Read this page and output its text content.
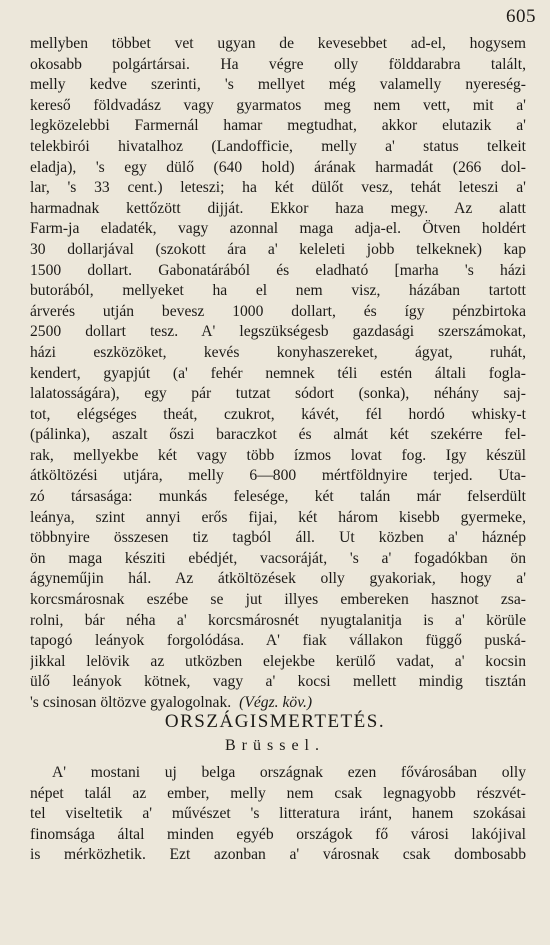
605
mellyben többet vet ugyan de kevesebbet ad-el, hogysem
okosabb polgártársai. Ha végre olly földdarabra talált,
melly kedve szerinti, 's mellyet még valamelly nyereség-
kereső földvadász vagy gyarmatos meg nem vett, mit a'
legközelebbi Farmernál hamar megtudhat, akkor elutazik a'
telekbirói hivatalhoz (Landofficie, melly a' status telkeit
eladja), 's egy dülő (640 hold) árának harmadát (266 dol-
lar, 's 33 cent.) leteszi; ha két dülőt vesz, tehát leteszi a'
harmadnak kettőzött dijját. Ekkor haza megy. Az alatt
Farm-ja eladaték, vagy azonnal maga adja-el. Ötven holdért
30 dollarjával (szokott ára a' keleleti jobb telkeknek) kap
1500 dollart. Gabonatárából és eladható [marha 's házi
butorából, mellyeket ha el nem visz, házában tartott
árverés utján bevesz 1000 dollart, és így pénzbirtoka
2500 dollart tesz. A' legszükségesb gazdasági szerszámokat,
házi eszközöket, kevés konyhaszereket, ágyat, ruhát,
kendert, gyapjút (a' fehér nemnek téli estén általi fogla-
lalatosságára), egy pár tutzat sódort (sonka), néhány saj-
tot, elégséges theát, czukrot, kávét, fél hordó whisky-t
(pálinka), aszalt őszi baraczkot és almát két szekérre fel-
rak, mellyekbe két vagy több ízmos lovat fog. Igy készül
átköltözési utjára, melly 6—800 mértföldnyire terjed. Uta-
zó társasága: munkás felesége, két talán már felserdült
leánya, szint annyi erős fijai, két három kisebb gyermeke,
többnyire összesen tiz tagból áll. Ut közben a' háznép
ön maga késziti ebédjét, vacsoráját, 's a' fogadókban ön
ágyneműjin hál. Az átköltözések olly gyakoriak, hogy a'
korcsmárosnak eszébe se jut illyes embereken hasznot zsa-
rolni, bár néha a' korcsmárosnét nyugtalanitja is a' körüle
tapogó leányok forgolódása. A' fiak vállakon függő puská-
jikkal lelövik az utközben elejekbe kerülő vadat, a' kocsin
ülő leányok kötnek, vagy a' kocsi mellett mindig tisztán
's csinosan öltözve gyalogolnak. (Végz. köv.)
ORSZÁGISMERTETÉS.
Brüssel.
A' mostani uj belga országnak ezen fővárosában olly
népet talál az ember, melly nem csak legnagyobb részvét-
tel viseltetik a' művészet 's litteratura iránt, hanem szokásai
finomsága által minden egyéb országok fő városi lakójival
is mérközhetik. Ezt azonban a' városnak csak dombosabb
